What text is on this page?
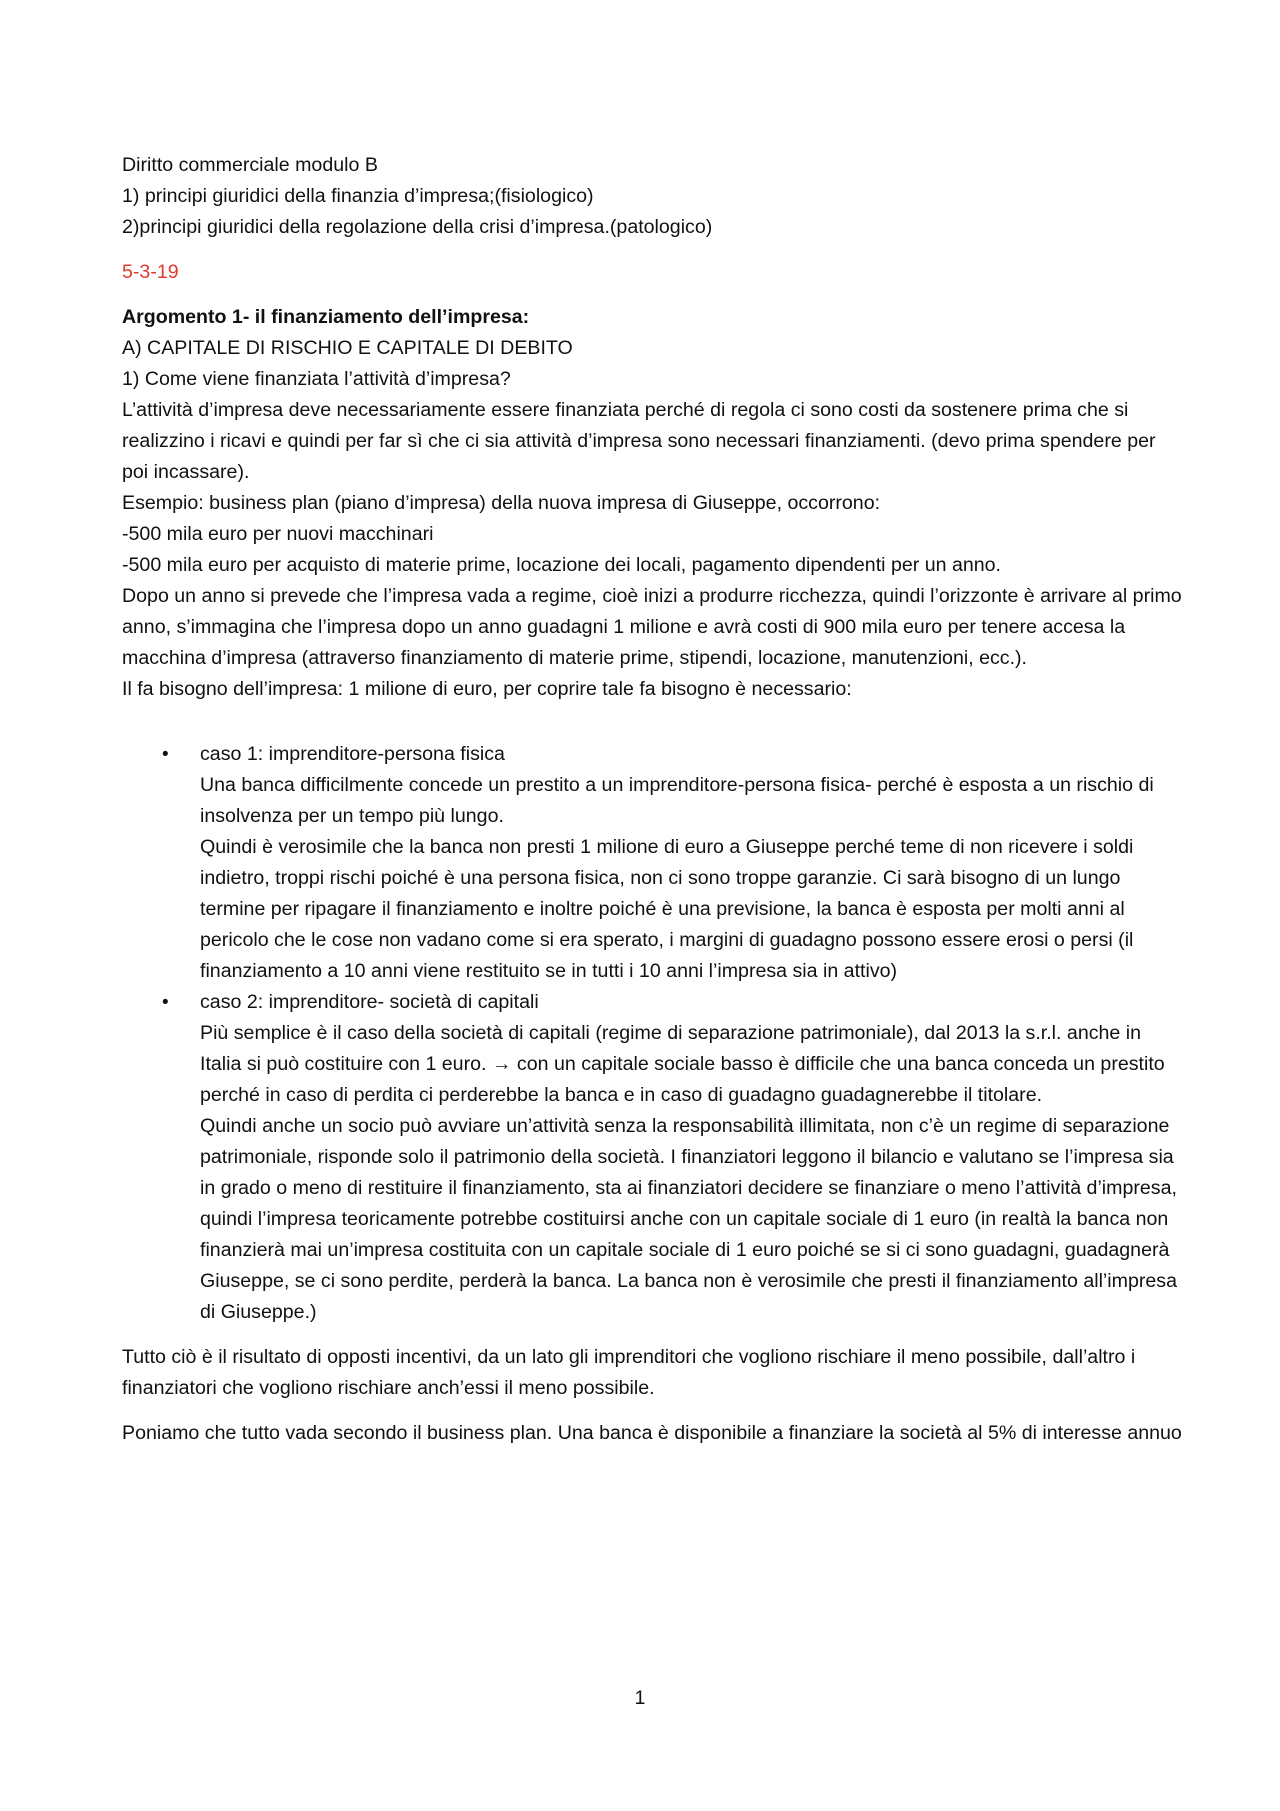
Diritto commerciale modulo B

1) principi giuridici della finanzia d’impresa;(fisiologico)

2)principi giuridici della regolazione della crisi d’impresa.(patologico)

5-3-19

Argomento 1- il finanziamento dell’impresa:

A) CAPITALE DI RISCHIO E CAPITALE DI DEBITO

1) Come viene finanziata l’attività d’impresa?

L’attività d’impresa deve necessariamente essere finanziata perché di regola ci sono costi da sostenere prima che si realizzino i ricavi e quindi per far sì che ci sia attività d’impresa sono necessari finanziamenti. (devo prima spendere per poi incassare).

Esempio: business plan (piano d’impresa) della nuova impresa di Giuseppe, occorrono:

-500 mila euro per nuovi macchinari

-500 mila euro per acquisto di materie prime, locazione dei locali, pagamento dipendenti per un anno.

Dopo un anno si prevede che l’impresa vada a regime, cioè inizi a produrre ricchezza, quindi l’orizzonte è arrivare al primo anno, s’immagina che l’impresa dopo un anno guadagni 1 milione e avrà costi di 900 mila euro per tenere accesa la macchina d’impresa (attraverso finanziamento di materie prime, stipendi, locazione, manutenzioni, ecc.).

Il fa bisogno dell’impresa: 1 milione di euro, per coprire tale fa bisogno è necessario:

• caso 1: imprenditore-persona fisica

Una banca difficilmente concede un prestito a un imprenditore-persona fisica- perché è esposta a un rischio di insolvenza per un tempo più lungo.

Quindi è verosimile che la banca non presti 1 milione di euro a Giuseppe perché teme di non ricevere i soldi indietro, troppi rischi poiché è una persona fisica, non ci sono troppe garanzie. Ci sarà bisogno di un lungo termine per ripagare il finanziamento e inoltre poiché è una previsione, la banca è esposta per molti anni al pericolo che le cose non vadano come si era sperato, i margini di guadagno possono essere erosi o persi (il finanziamento a 10 anni viene restituito se in tutti i 10 anni l’impresa sia in attivo)

• caso 2: imprenditore- società di capitali

Più semplice è il caso della società di capitali (regime di separazione patrimoniale), dal 2013 la s.r.l. anche in Italia si può costituire con 1 euro. → con un capitale sociale basso è difficile che una banca conceda un prestito perché in caso di perdita ci perderebbe la banca e in caso di guadagno guadagnerebbe il titolare.

Quindi anche un socio può avviare un’attività senza la responsabilità illimitata, non c’è un regime di separazione patrimoniale, risponde solo il patrimonio della società. I finanziatori leggono il bilancio e valutano se l’impresa sia in grado o meno di restituire il finanziamento, sta ai finanziatori decidere se finanziare o meno l’attività d’impresa, quindi l’impresa teoricamente potrebbe costituirsi anche con un capitale sociale di 1 euro (in realtà la banca non finanzierà mai un’impresa costituita con un capitale sociale di 1 euro poiché se si ci sono guadagni, guadagnerà Giuseppe, se ci sono perdite, perderà la banca. La banca non è verosimile che presti il finanziamento all’impresa di Giuseppe.)

Tutto ciò è il risultato di opposti incentivi, da un lato gli imprenditori che vogliono rischiare il meno possibile, dall’altro i finanziatori che vogliono rischiare anch’essi il meno possibile.

Poniamo che tutto vada secondo il business plan. Una banca è disponibile a finanziare la società al 5% di interesse annuo

1
